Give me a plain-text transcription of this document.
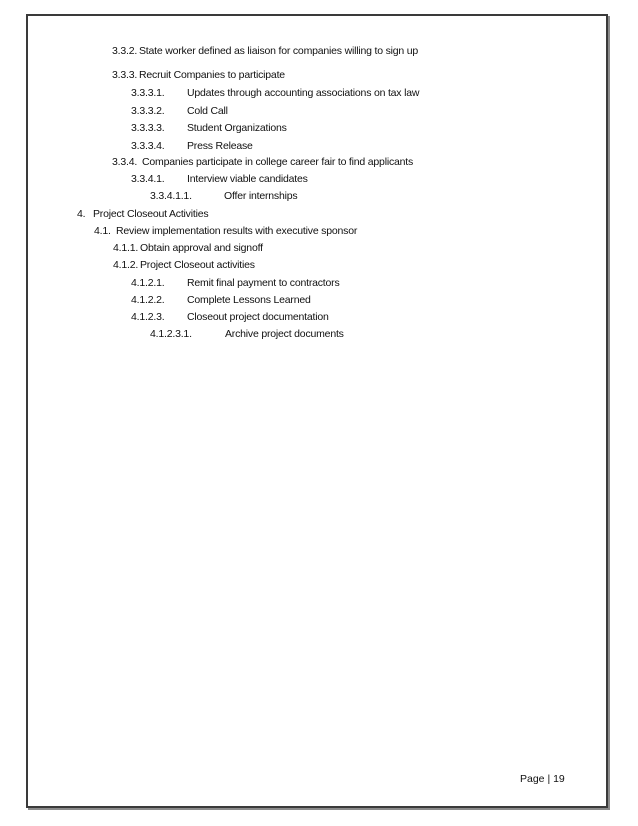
3.3.2. State worker defined as liaison for companies willing to sign up
3.3.3. Recruit Companies to participate
3.3.3.1. Updates through accounting associations on tax law
3.3.3.2. Cold Call
3.3.3.3. Student Organizations
3.3.3.4. Press Release
3.3.4. Companies participate in college career fair to find applicants
3.3.4.1. Interview viable candidates
3.3.4.1.1.	Offer internships
4. Project Closeout Activities
4.1. Review implementation results with executive sponsor
4.1.1. Obtain approval and signoff
4.1.2. Project Closeout activities
4.1.2.1. Remit final payment to contractors
4.1.2.2. Complete Lessons Learned
4.1.2.3. Closeout project documentation
4.1.2.3.1.	Archive project documents
Page | 19
